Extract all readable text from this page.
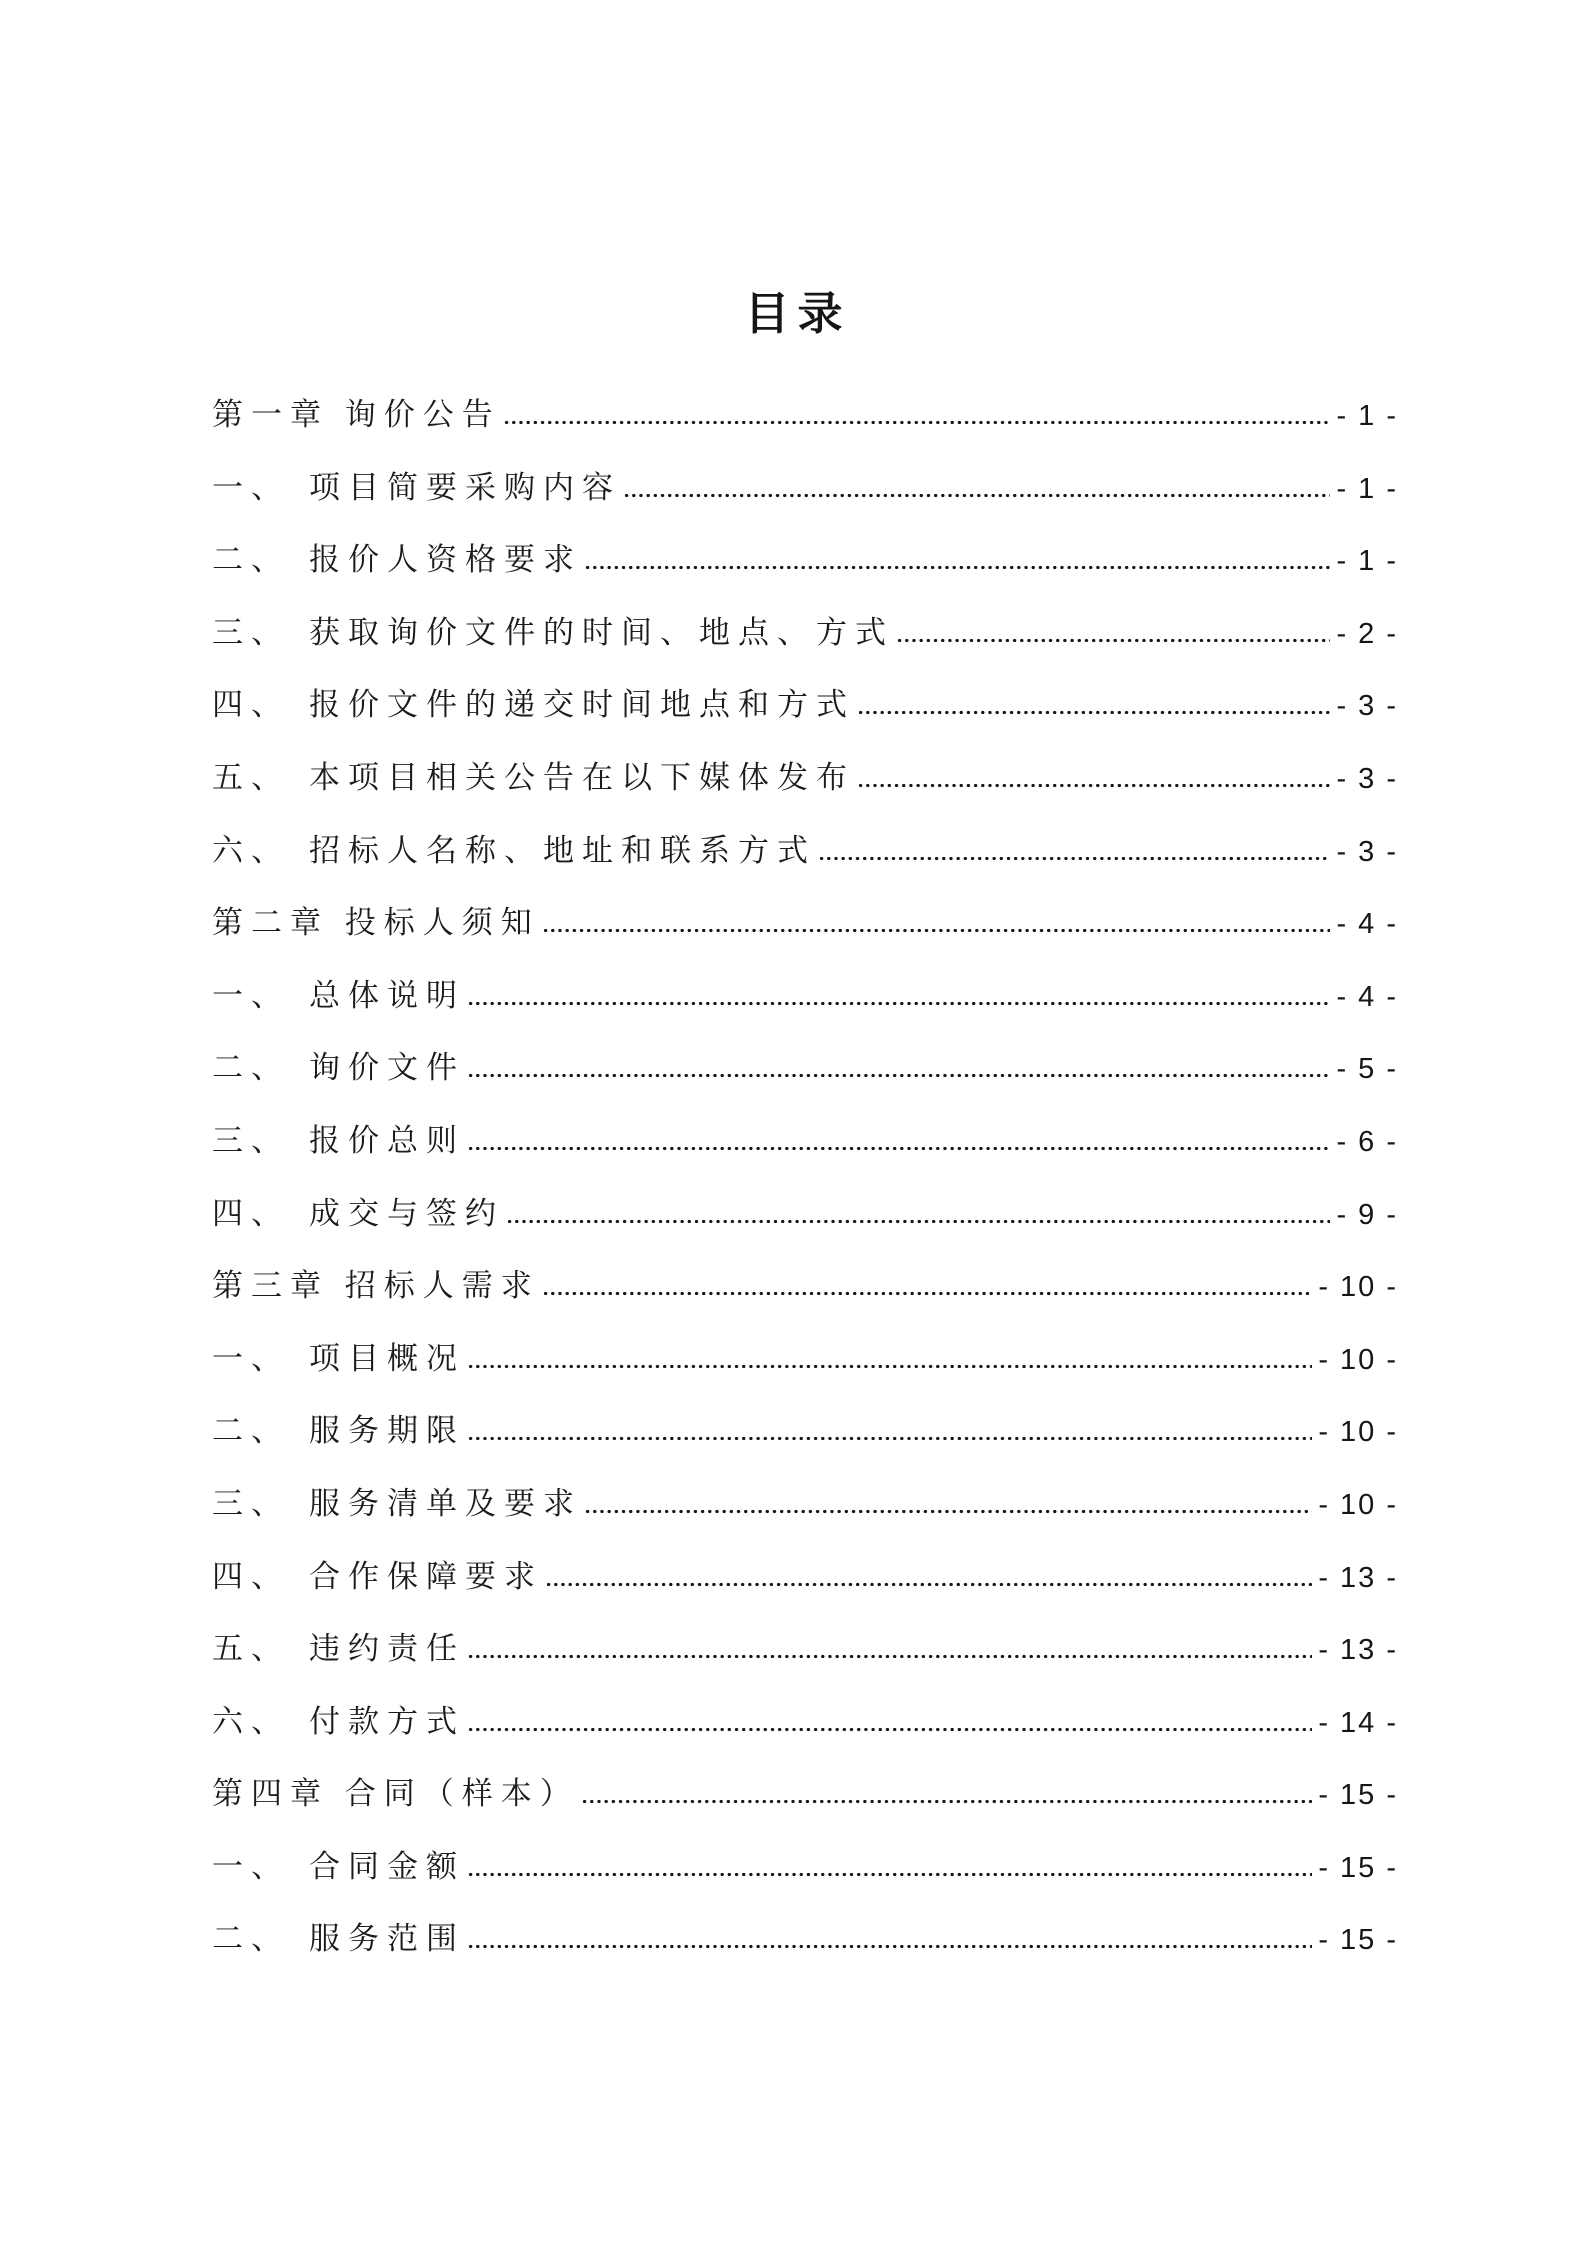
目录
第一章 询价公告	- 1 -
一、 项目简要采购内容	- 1 -
二、 报价人资格要求	- 1 -
三、 获取询价文件的时间、地点、方式	- 2 -
四、 报价文件的递交时间地点和方式	- 3 -
五、 本项目相关公告在以下媒体发布	- 3 -
六、 招标人名称、地址和联系方式	- 3 -
第二章 投标人须知	- 4 -
一、 总体说明	- 4 -
二、 询价文件	- 5 -
三、 报价总则	- 6 -
四、 成交与签约	- 9 -
第三章 招标人需求	- 10 -
一、 项目概况	- 10 -
二、 服务期限	- 10 -
三、 服务清单及要求	- 10 -
四、 合作保障要求	- 13 -
五、 违约责任	- 13 -
六、 付款方式	- 14 -
第四章 合同（样本）	- 15 -
一、 合同金额	- 15 -
二、 服务范围	- 15 -
